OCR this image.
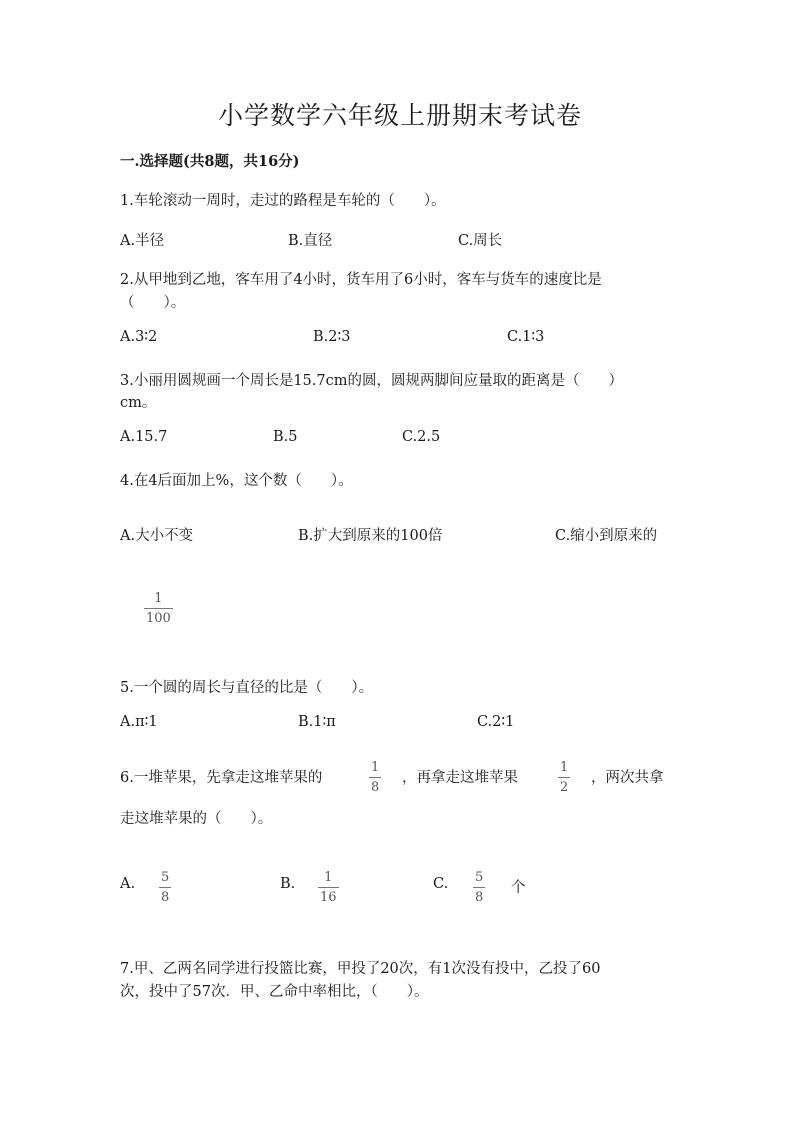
小学数学六年级上册期末考试卷
一.选择题(共8题，共16分)
1.车轮滚动一周时，走过的路程是车轮的（　　）。
A.半径	B.直径	C.周长
2.从甲地到乙地，客车用了4小时，货车用了6小时，客车与货车的速度比是
（　　）。
A.3∶2	B.2∶3	C.1∶3
3.小丽用圆规画一个周长是15.7cm的圆，圆规两脚间应量取的距离是（　　）
cm。
A.15.7	B.5	C.2.5
4.在4后面加上%，这个数（　　）。
A.大小不变	B.扩大到原来的100倍	C.缩小到原来的
1
100
5.一个圆的周长与直径的比是（　　）。
A.π∶1	B.1∶π	C.2∶1
6.一堆苹果，先拿走这堆苹果的
1
8
，再拿走这堆苹果
1
2
，两次共拿
走这堆苹果的（　　）。
A. 5
8
B. 1
16
C. 5
8
个
7.甲、乙两名同学进行投篮比赛，甲投了20次，有1次没有投中，乙投了60
次，投中了57次．甲、乙命中率相比，（　　）。
